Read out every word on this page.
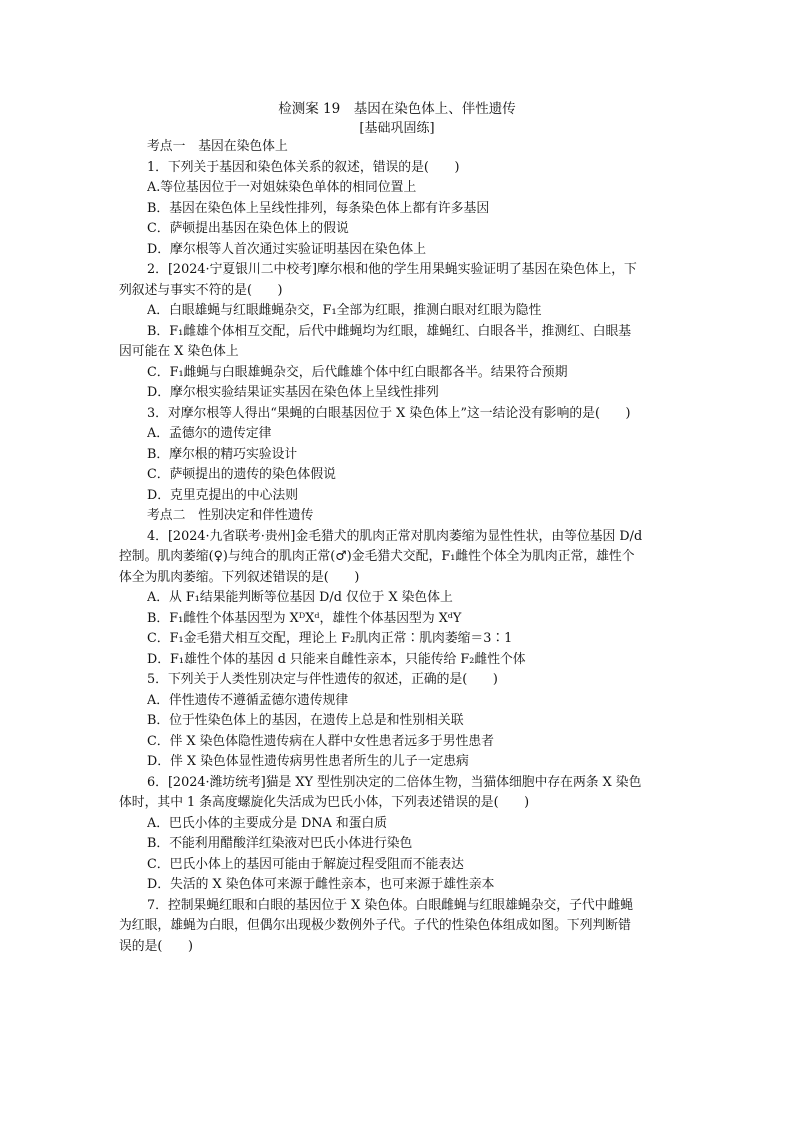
检测案 19　基因在染色体上、伴性遗传
[基础巩固练]
考点一　基因在染色体上
1．下列关于基因和染色体关系的叙述，错误的是(　　)
A.等位基因位于一对姐妹染色单体的相同位置上
B．基因在染色体上呈线性排列，每条染色体上都有许多基因
C．萨顿提出基因在染色体上的假说
D．摩尔根等人首次通过实验证明基因在染色体上
2．[2024·宁夏银川二中校考]摩尔根和他的学生用果蝇实验证明了基因在染色体上，下
列叙述与事实不符的是(　　)
A．白眼雄蝇与红眼雌蝇杂交，F₁全部为红眼，推测白眼对红眼为隐性
B．F₁雌雄个体相互交配，后代中雌蝇均为红眼，雄蝇红、白眼各半，推测红、白眼基
因可能在 X 染色体上
C．F₁雌蝇与白眼雄蝇杂交，后代雌雄个体中红白眼都各半。结果符合预期
D．摩尔根实验结果证实基因在染色体上呈线性排列
3．对摩尔根等人得出“果蝇的白眼基因位于 X 染色体上”这一结论没有影响的是(　　)
A．孟德尔的遗传定律
B．摩尔根的精巧实验设计
C．萨顿提出的遗传的染色体假说
D．克里克提出的中心法则
考点二　性别决定和伴性遗传
4．[2024·九省联考·贵州]金毛猎犬的肌肉正常对肌肉萎缩为显性性状，由等位基因 D/d
控制。肌肉萎缩(♀)与纯合的肌肉正常(♂)金毛猎犬交配，F₁雌性个体全为肌肉正常，雄性个
体全为肌肉萎缩。下列叙述错误的是(　　)
A．从 F₁结果能判断等位基因 D/d 仅位于 X 染色体上
B．F₁雌性个体基因型为 XᴰXᵈ，雄性个体基因型为 XᵈY
C．F₁金毛猎犬相互交配，理论上 F₂肌肉正常∶肌肉萎缩＝3∶1
D．F₁雄性个体的基因 d 只能来自雌性亲本，只能传给 F₂雌性个体
5．下列关于人类性别决定与伴性遗传的叙述，正确的是(　　)
A．伴性遗传不遵循孟德尔遗传规律
B．位于性染色体上的基因，在遗传上总是和性别相关联
C．伴 X 染色体隐性遗传病在人群中女性患者远多于男性患者
D．伴 X 染色体显性遗传病男性患者所生的儿子一定患病
6．[2024·潍坊统考]猫是 XY 型性别决定的二倍体生物，当猫体细胞中存在两条 X 染色
体时，其中 1 条高度螺旋化失活成为巴氏小体，下列表述错误的是(　　)
A．巴氏小体的主要成分是 DNA 和蛋白质
B．不能利用醋酸洋红染液对巴氏小体进行染色
C．巴氏小体上的基因可能由于解旋过程受阻而不能表达
D．失活的 X 染色体可来源于雌性亲本，也可来源于雄性亲本
7．控制果蝇红眼和白眼的基因位于 X 染色体。白眼雌蝇与红眼雄蝇杂交，子代中雌蝇
为红眼，雄蝇为白眼，但偶尔出现极少数例外子代。子代的性染色体组成如图。下列判断错
误的是(　　)
